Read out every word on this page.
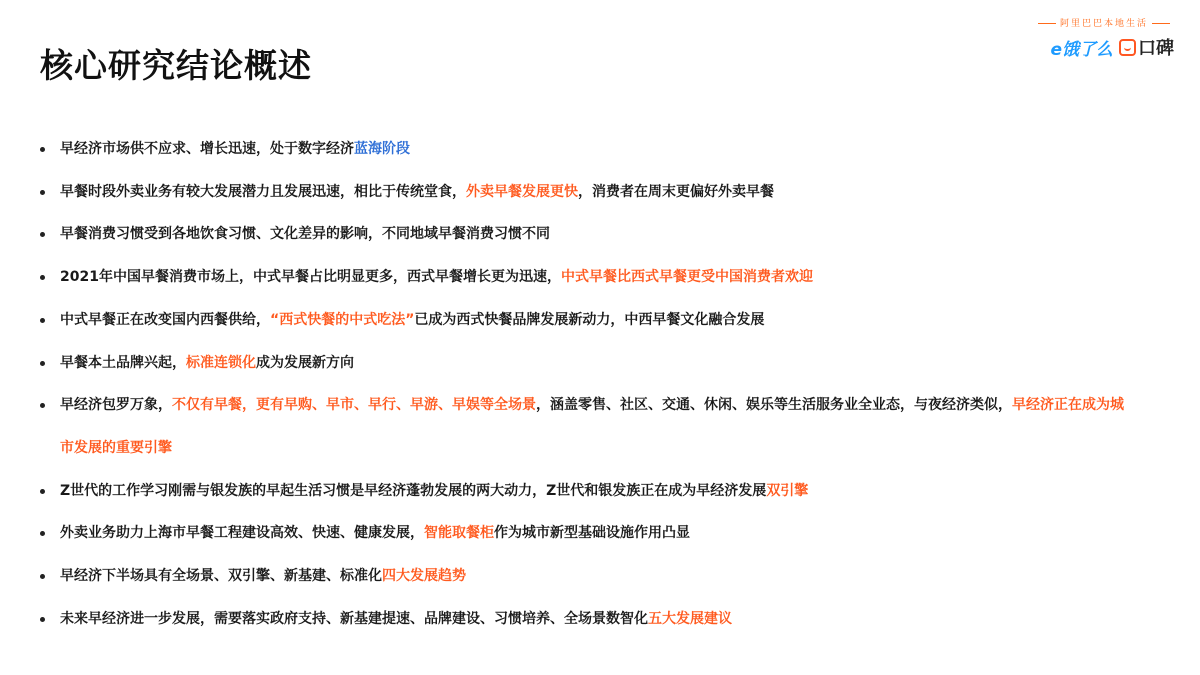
核心研究结论概述
阿里巴巴本地生活
e饿了么 口碑
早经济市场供不应求、增长迅速，处于数字经济蓝海阶段
早餐时段外卖业务有较大发展潜力且发展迅速，相比于传统堂食，外卖早餐发展更快，消费者在周末更偏好外卖早餐
早餐消费习惯受到各地饮食习惯、文化差异的影响，不同地域早餐消费习惯不同
2021年中国早餐消费市场上，中式早餐占比明显更多，西式早餐增长更为迅速，中式早餐比西式早餐更受中国消费者欢迎
中式早餐正在改变国内西餐供给，“西式快餐的中式吃法”已成为西式快餐品牌发展新动力，中西早餐文化融合发展
早餐本土品牌兴起，标准连锁化成为发展新方向
早经济包罗万象，不仅有早餐，更有早购、早市、早行、早游、早娱等全场景，涵盖零售、社区、交通、休闲、娱乐等生活服务业全业态，与夜经济类似，早经济正在成为城市发展的重要引擎
Z世代的工作学习刚需与银发族的早起生活习惯是早经济蓬勃发展的两大动力，Z世代和银发族正在成为早经济发展双引擎
外卖业务助力上海市早餐工程建设高效、快速、健康发展，智能取餐柜作为城市新型基础设施作用凸显
早经济下半场具有全场景、双引擎、新基建、标准化四大发展趋势
未来早经济进一步发展，需要落实政府支持、新基建提速、品牌建设、习惯培养、全场景数智化五大发展建议
